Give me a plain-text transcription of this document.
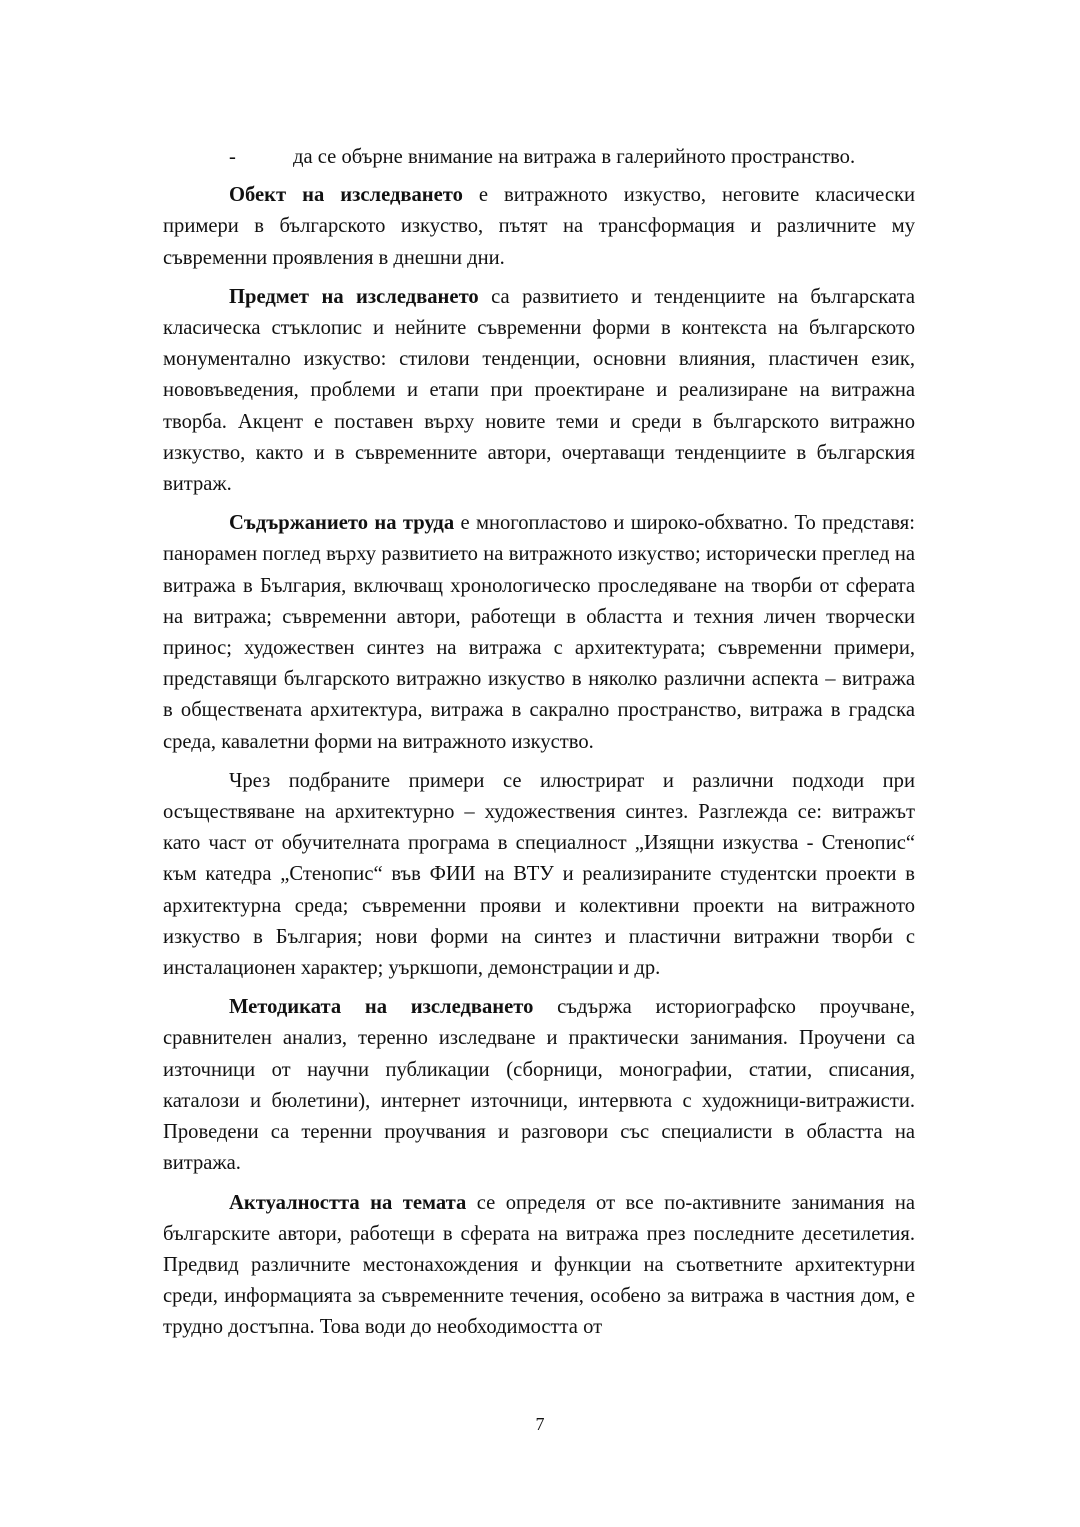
-	да се обърне внимание на витража в галерийното пространство.

Обект на изследването е витражното изкуство, неговите класически примери в българското изкуство, пътят на трансформация и различните му съвременни проявления в днешни дни.

Предмет на изследването са развитието и тенденциите на българската класическа стъклопис и нейните съвременни форми в контекста на българското монументално изкуство: стилови тенденции, основни влияния, пластичен език, нововъведения, проблеми и етапи при проектиране и реализиране на витражна творба. Акцент е поставен върху новите теми и среди в българското витражно изкуство, както и в съвременните автори, очертаващи тенденциите в българския витраж.

Съдържанието на труда е многопластово и широко-обхватно. То представя: панорамен поглед върху развитието на витражното изкуство; исторически преглед на витража в България, включващ хронологическо проследяване на творби от сферата на витража; съвременни автори, работещи в областта и техния личен творчески принос; художествен синтез на витража с архитектурата; съвременни примери, представящи българското витражно изкуство в няколко различни аспекта – витража в обществената архитектура, витража в сакрално пространство, витража в градска среда, кавалетни форми на витражното изкуство.

Чрез подбраните примери се илюстрират и различни подходи при осъществяване на архитектурно – художествения синтез. Разглежда се: витражът като част от обучителната програма в специалност „Изящни изкуства - Стенопис“ към катедра „Стенопис“ във ФИИ на ВТУ и реализираните студентски проекти в архитектурна среда; съвременни прояви и колективни проекти на витражното изкуство в България; нови форми на синтез и пластични витражни творби с инсталационен характер; уъркшопи, демонстрации и др.

Методиката на изследването съдържа историографско проучване, сравнителен анализ, теренно изследване и практически занимания. Проучени са източници от научни публикации (сборници, монографии, статии, списания, каталози и бюлетини), интернет източници, интервюта с художници-витражисти. Проведени са теренни проучвания и разговори със специалисти в областта на витража.

Актуалността на темата се определя от все по-активните занимания на българските автори, работещи в сферата на витража през последните десетилетия. Предвид различните местонахождения и функции на съответните архитектурни среди, информацията за съвременните течения, особено за витража в частния дом, е трудно достъпна. Това води до необходимостта от

7
